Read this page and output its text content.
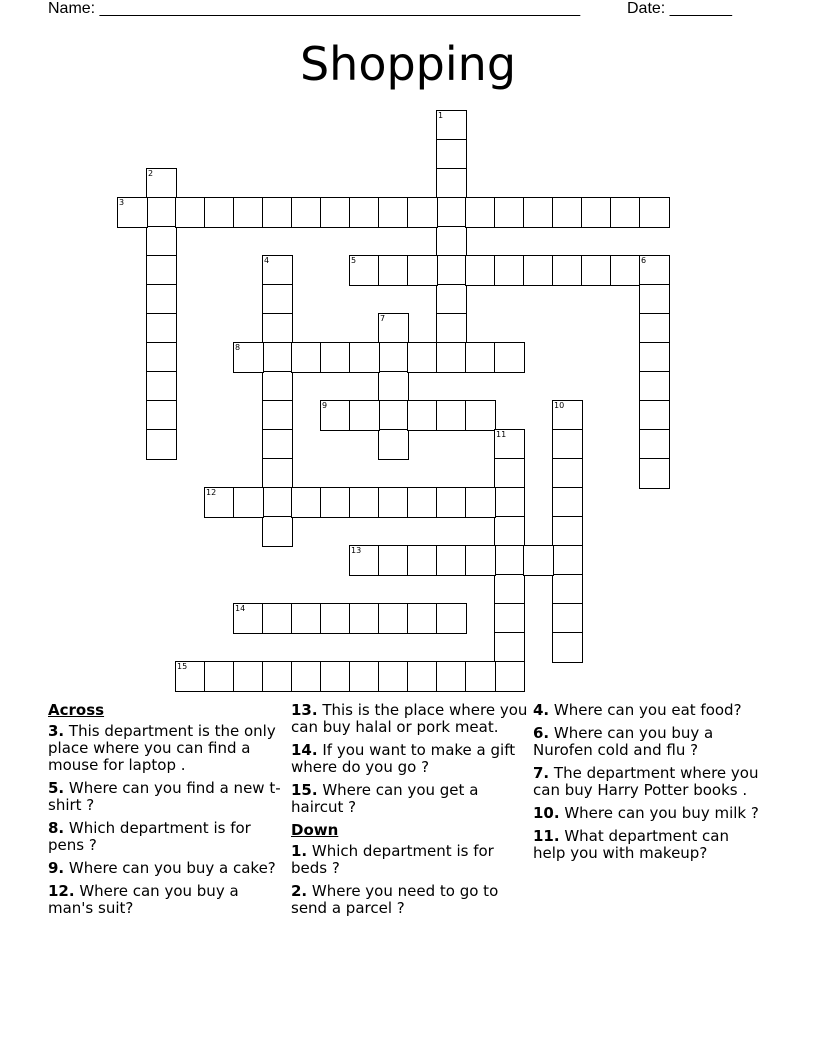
Name: ______________________________________________________	Date: _______
Shopping
1
2
3
4	5	6
7
8
9	10
11
12
13
14
15
Across
3. This department is the only place where you can find a mouse for laptop .
5. Where can you find a new t-shirt ?
8. Which department is for pens ?
9. Where can you buy a cake?
12. Where can you buy a man's suit?
13. This is the place where you can buy halal or pork meat.
14. If you want to make a gift where do you go ?
15. Where can you get a haircut ?
Down
1. Which department is for beds ?
2. Where you need to go to send a parcel ?
4. Where can you eat food?
6. Where can you buy a Nurofen cold and flu ?
7. The department where you can buy Harry Potter books .
10. Where can you buy milk ?
11. What department can help you with makeup?
